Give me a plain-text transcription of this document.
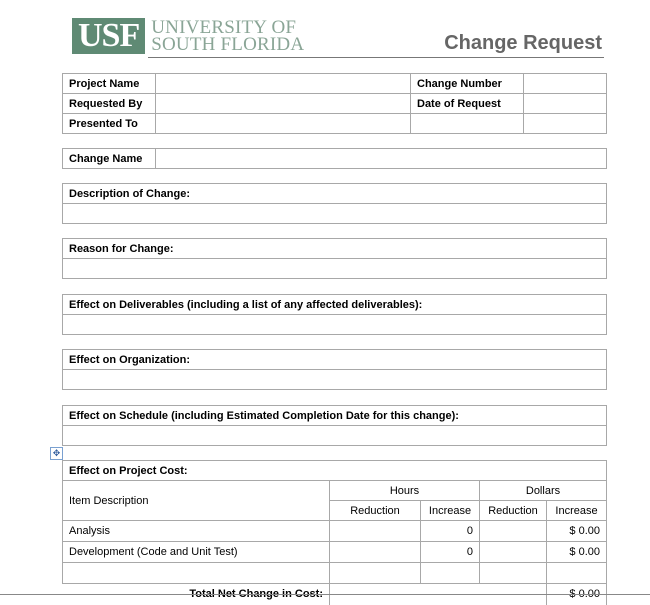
USF UNIVERSITY OF
SOUTH FLORIDA	Change Request
Project Name		Change Number	
Requested By		Date of Request	
Presented To			
Change Name	
Description of Change:

Reason for Change:

Effect on Deliverables (including a list of any affected deliverables):

Effect on Organization:

Effect on Schedule (including Estimated Completion Date for this change):

✥
Effect on Project Cost:				
Item Description	Hours		Dollars	
	Reduction	Increase	Reduction	Increase
Analysis		0		$ 0.00
Development (Code and Unit Test)		0		$ 0.00

Total Net Change in Cost:				$ 0.00
